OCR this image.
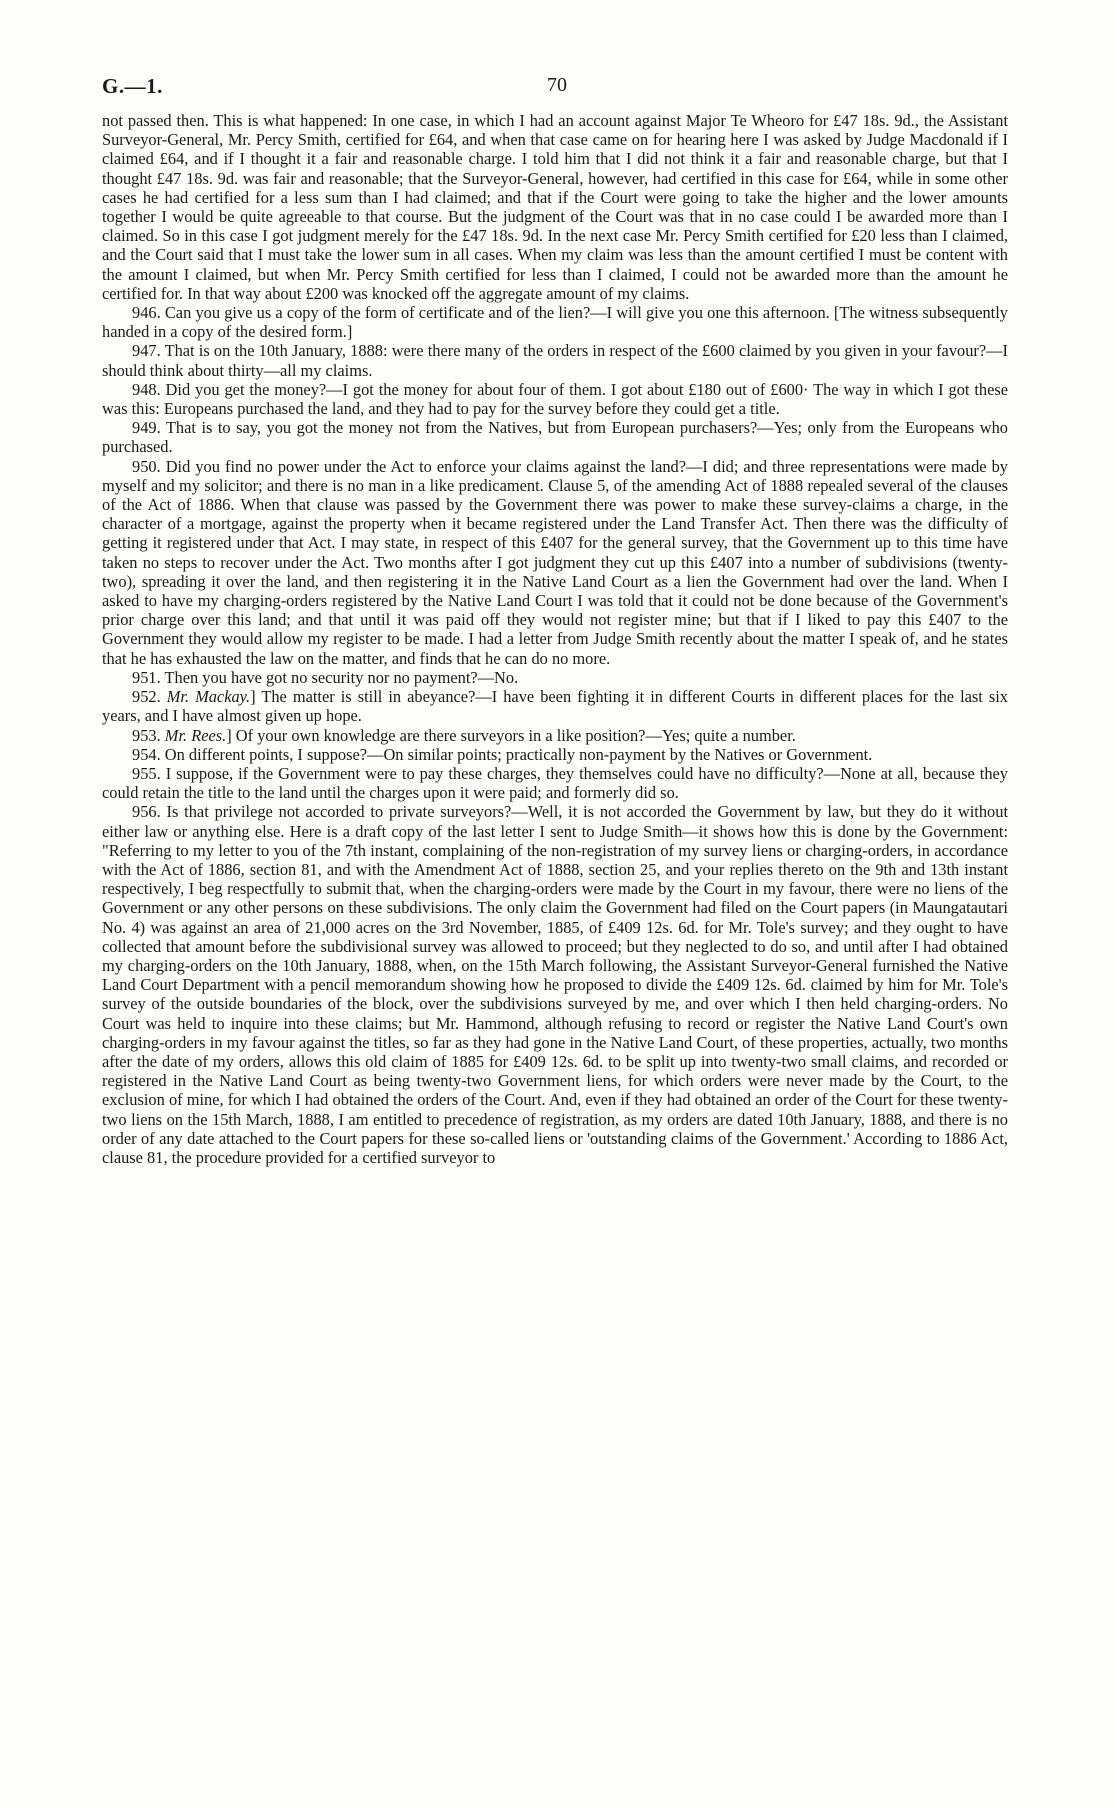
G.—1.	70

not passed then. This is what happened: In one case, in which I had an account against Major Te Wheoro for £47 18s. 9d., the Assistant Surveyor-General, Mr. Percy Smith, certified for £64, and when that case came on for hearing here I was asked by Judge Macdonald if I claimed £64, and if I thought it a fair and reasonable charge. I told him that I did not think it a fair and reasonable charge, but that I thought £47 18s. 9d. was fair and reasonable; that the Surveyor-General, however, had certified in this case for £64, while in some other cases he had certified for a less sum than I had claimed; and that if the Court were going to take the higher and the lower amounts together I would be quite agreeable to that course. But the judgment of the Court was that in no case could I be awarded more than I claimed. So in this case I got judgment merely for the £47 18s. 9d. In the next case Mr. Percy Smith certified for £20 less than I claimed, and the Court said that I must take the lower sum in all cases. When my claim was less than the amount certified I must be content with the amount I claimed, but when Mr. Percy Smith certified for less than I claimed, I could not be awarded more than the amount he certified for. In that way about £200 was knocked off the aggregate amount of my claims.

946. Can you give us a copy of the form of certificate and of the lien?—I will give you one this afternoon. [The witness subsequently handed in a copy of the desired form.]

947. That is on the 10th January, 1888: were there many of the orders in respect of the £600 claimed by you given in your favour?—I should think about thirty—all my claims.

948. Did you get the money?—I got the money for about four of them. I got about £180 out of £600· The way in which I got these was this: Europeans purchased the land, and they had to pay for the survey before they could get a title.

949. That is to say, you got the money not from the Natives, but from European purchasers?—Yes; only from the Europeans who purchased.

950. Did you find no power under the Act to enforce your claims against the land?—I did; and three representations were made by myself and my solicitor; and there is no man in a like predicament. Clause 5, of the amending Act of 1888 repealed several of the clauses of the Act of 1886. When that clause was passed by the Government there was power to make these survey-claims a charge, in the character of a mortgage, against the property when it became registered under the Land Transfer Act. Then there was the difficulty of getting it registered under that Act. I may state, in respect of this £407 for the general survey, that the Government up to this time have taken no steps to recover under the Act. Two months after I got judgment they cut up this £407 into a number of subdivisions (twenty-two), spreading it over the land, and then registering it in the Native Land Court as a lien the Government had over the land. When I asked to have my charging-orders registered by the Native Land Court I was told that it could not be done because of the Government's prior charge over this land; and that until it was paid off they would not register mine; but that if I liked to pay this £407 to the Government they would allow my register to be made. I had a letter from Judge Smith recently about the matter I speak of, and he states that he has exhausted the law on the matter, and finds that he can do no more.

951. Then you have got no security nor no payment?—No.

952. Mr. Mackay.] The matter is still in abeyance?—I have been fighting it in different Courts in different places for the last six years, and I have almost given up hope.

953. Mr. Rees.] Of your own knowledge are there surveyors in a like position?—Yes; quite a number.

954. On different points, I suppose?—On similar points; practically non-payment by the Natives or Government.

955. I suppose, if the Government were to pay these charges, they themselves could have no difficulty?—None at all, because they could retain the title to the land until the charges upon it were paid; and formerly did so.

956. Is that privilege not accorded to private surveyors?—Well, it is not accorded the Government by law, but they do it without either law or anything else. Here is a draft copy of the last letter I sent to Judge Smith—it shows how this is done by the Government: "Referring to my letter to you of the 7th instant, complaining of the non-registration of my survey liens or charging-orders, in accordance with the Act of 1886, section 81, and with the Amendment Act of 1888, section 25, and your replies thereto on the 9th and 13th instant respectively, I beg respectfully to submit that, when the charging-orders were made by the Court in my favour, there were no liens of the Government or any other persons on these subdivisions. The only claim the Government had filed on the Court papers (in Maungatautari No. 4) was against an area of 21,000 acres on the 3rd November, 1885, of £409 12s. 6d. for Mr. Tole's survey; and they ought to have collected that amount before the subdivisional survey was allowed to proceed; but they neglected to do so, and until after I had obtained my charging-orders on the 10th January, 1888, when, on the 15th March following, the Assistant Surveyor-General furnished the Native Land Court Department with a pencil memorandum showing how he proposed to divide the £409 12s. 6d. claimed by him for Mr. Tole's survey of the outside boundaries of the block, over the subdivisions surveyed by me, and over which I then held charging-orders. No Court was held to inquire into these claims; but Mr. Hammond, although refusing to record or register the Native Land Court's own charging-orders in my favour against the titles, so far as they had gone in the Native Land Court, of these properties, actually, two months after the date of my orders, allows this old claim of 1885 for £409 12s. 6d. to be split up into twenty-two small claims, and recorded or registered in the Native Land Court as being twenty-two Government liens, for which orders were never made by the Court, to the exclusion of mine, for which I had obtained the orders of the Court. And, even if they had obtained an order of the Court for these twenty-two liens on the 15th March, 1888, I am entitled to precedence of registration, as my orders are dated 10th January, 1888, and there is no order of any date attached to the Court papers for these so-called liens or 'outstanding claims of the Government.' According to 1886 Act, clause 81, the procedure provided for a certified surveyor to
